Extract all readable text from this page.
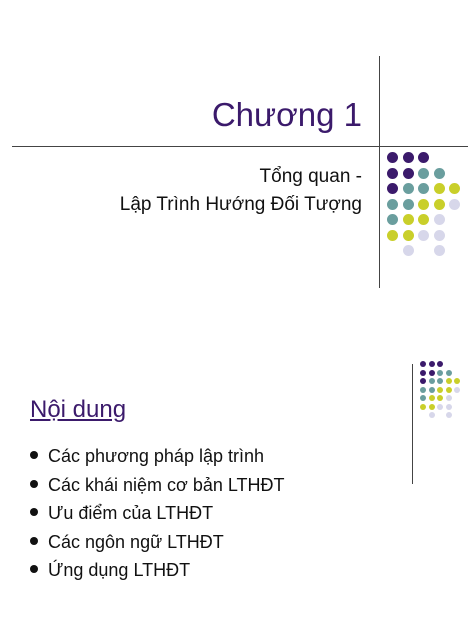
Chương 1
Tổng quan -
Lập Trình Hướng Đối Tượng
Nội dung
Các phương pháp lập trình
Các khái niệm cơ bản LTHĐT
Ưu điểm của LTHĐT
Các ngôn ngữ LTHĐT
Ứng dụng LTHĐT
